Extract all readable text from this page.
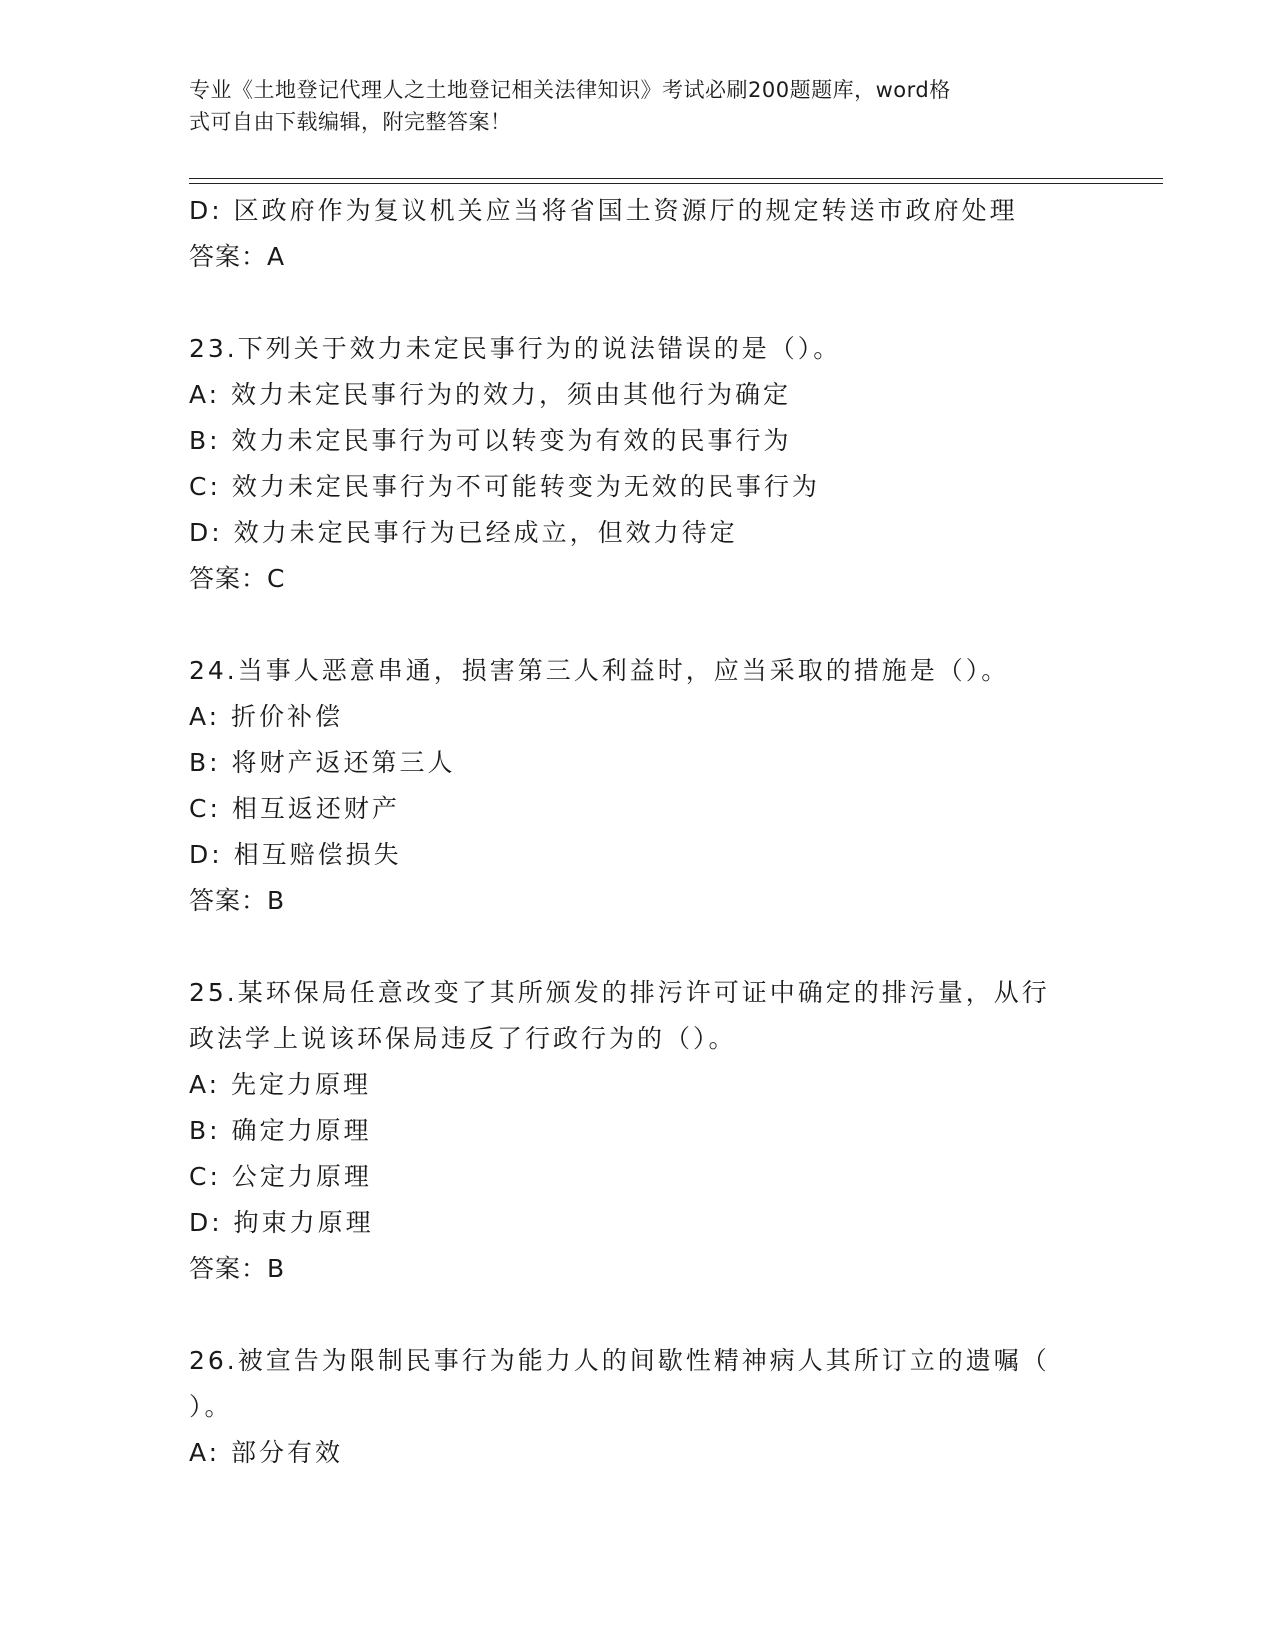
专业《土地登记代理人之土地登记相关法律知识》考试必刷200题题库，word格
式可自由下载编辑，附完整答案！
D: 区政府作为复议机关应当将省国土资源厅的规定转送市政府处理
答案：A
23.下列关于效力未定民事行为的说法错误的是（）。
A: 效力未定民事行为的效力，须由其他行为确定
B: 效力未定民事行为可以转变为有效的民事行为
C: 效力未定民事行为不可能转变为无效的民事行为
D: 效力未定民事行为已经成立，但效力待定
答案：C
24.当事人恶意串通，损害第三人利益时，应当采取的措施是（）。
A: 折价补偿
B: 将财产返还第三人
C: 相互返还财产
D: 相互赔偿损失
答案：B
25.某环保局任意改变了其所颁发的排污许可证中确定的排污量，从行
政法学上说该环保局违反了行政行为的（）。
A: 先定力原理
B: 确定力原理
C: 公定力原理
D: 拘束力原理
答案：B
26.被宣告为限制民事行为能力人的间歇性精神病人其所订立的遗嘱（
）。
A: 部分有效
